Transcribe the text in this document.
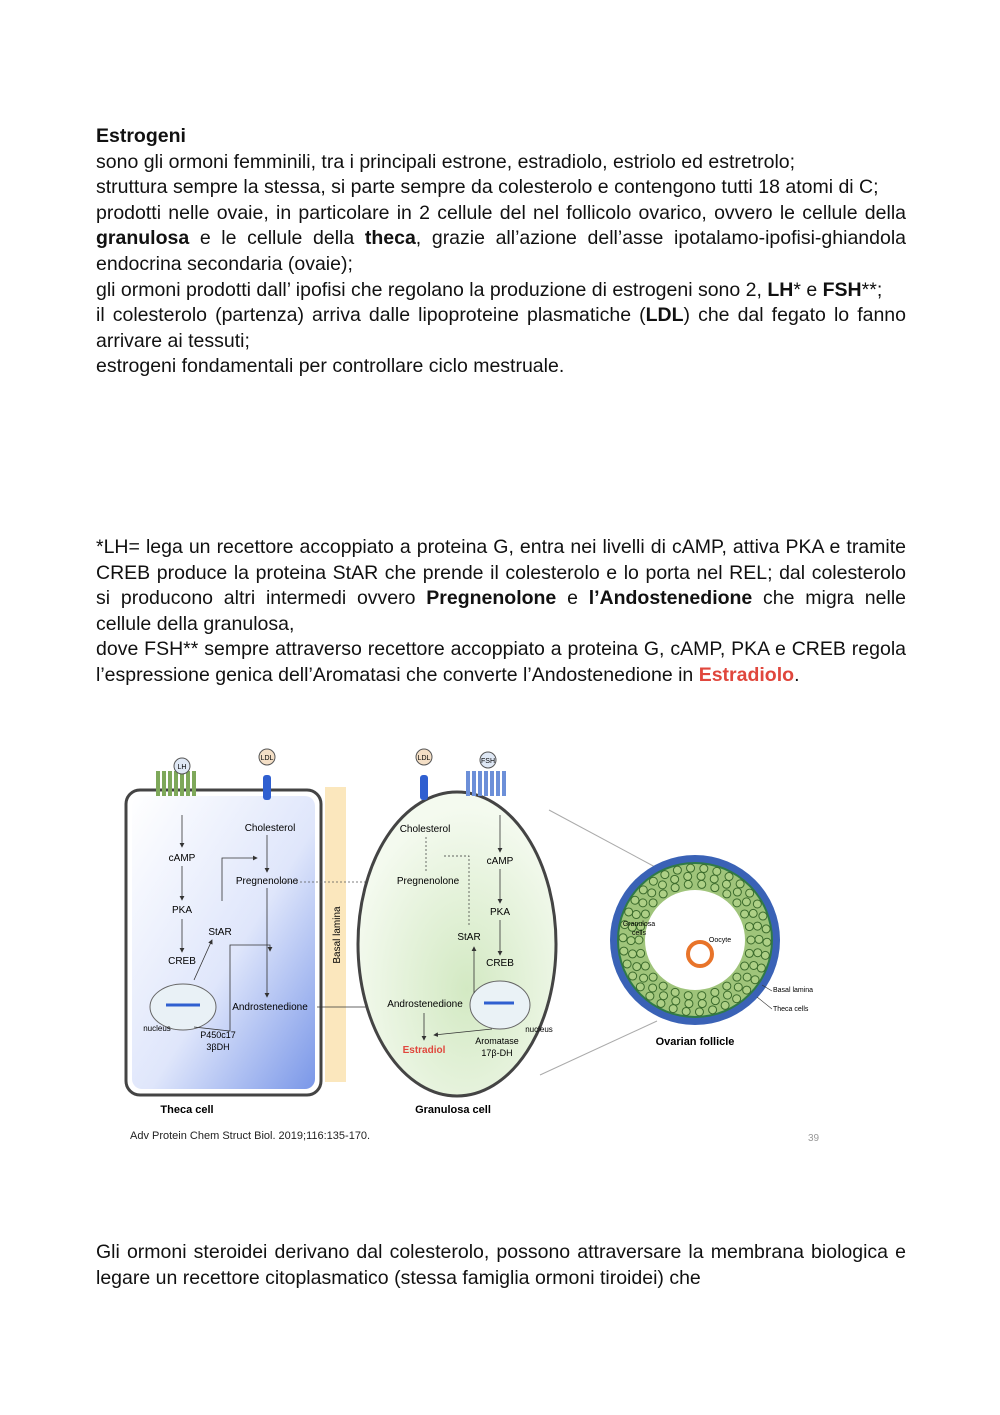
Estrogeni

sono gli ormoni femminili, tra i principali estrone, estradiolo, estriolo ed estretrolo;

struttura sempre la stessa, si parte sempre da colesterolo e contengono tutti 18 atomi di C;

prodotti nelle ovaie, in particolare in 2 cellule del nel follicolo ovarico, ovvero le cellule della granulosa e le cellule della theca, grazie all’azione dell’asse ipotalamo-ipofisi-ghiandola endocrina secondaria (ovaie);

gli ormoni prodotti dall’ ipofisi che regolano la produzione di estrogeni sono 2, LH* e FSH**;

il colesterolo (partenza) arriva dalle lipoproteine plasmatiche (LDL) che dal fegato lo fanno arrivare ai tessuti;

estrogeni fondamentali per controllare ciclo mestruale.

*LH= lega un recettore accoppiato a proteina G, entra nei livelli di cAMP, attiva PKA e tramite CREB produce la proteina StAR che prende il colesterolo e lo porta nel REL; dal colesterolo si producono altri intermedi ovvero Pregnenolone e l’Andostenedione che migra nelle cellule della granulosa,

dove FSH** sempre attraverso recettore accoppiato a proteina G, cAMP, PKA e CREB regola l’espressione genica dell’Aromatasi che converte l’Andostenedione in Estradiolo.

LH
LDL
Cholesterol
cAMP
Pregnenolone
PKA
StAR
CREB
Androstenedione
nucleus
P450c17
3βDH
Theca cell
Basal lamina
LDL	FSH
Cholesterol
cAMP
Pregnenolone
PKA
StAR
CREB
Androstenedione
nucleus
Estradiol
Aromatase
17β-DH
Granulosa cell
Granulosa
cells
Oocyte
Basal lamina
Theca cells
Ovarian follicle
Adv Protein Chem Struct Biol. 2019;116:135-170.	39

Gli ormoni steroidei derivano dal colesterolo, possono attraversare la membrana biologica e legare un recettore citoplasmatico (stessa famiglia ormoni tiroidei) che
